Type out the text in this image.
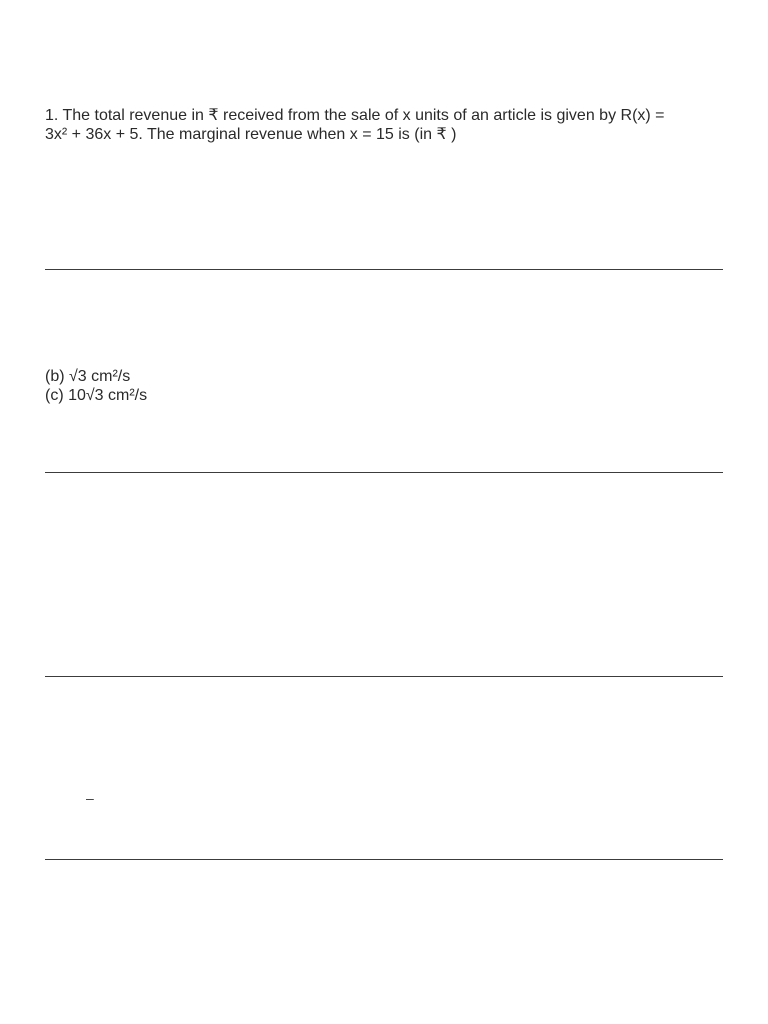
1. The total revenue in ₹ received from the sale of x units of an article is given by R(x) =
3x² + 36x + 5. The marginal revenue when x = 15 is (in ₹ )

(b) √3 cm²/s
(c) 10√3 cm²/s
–
